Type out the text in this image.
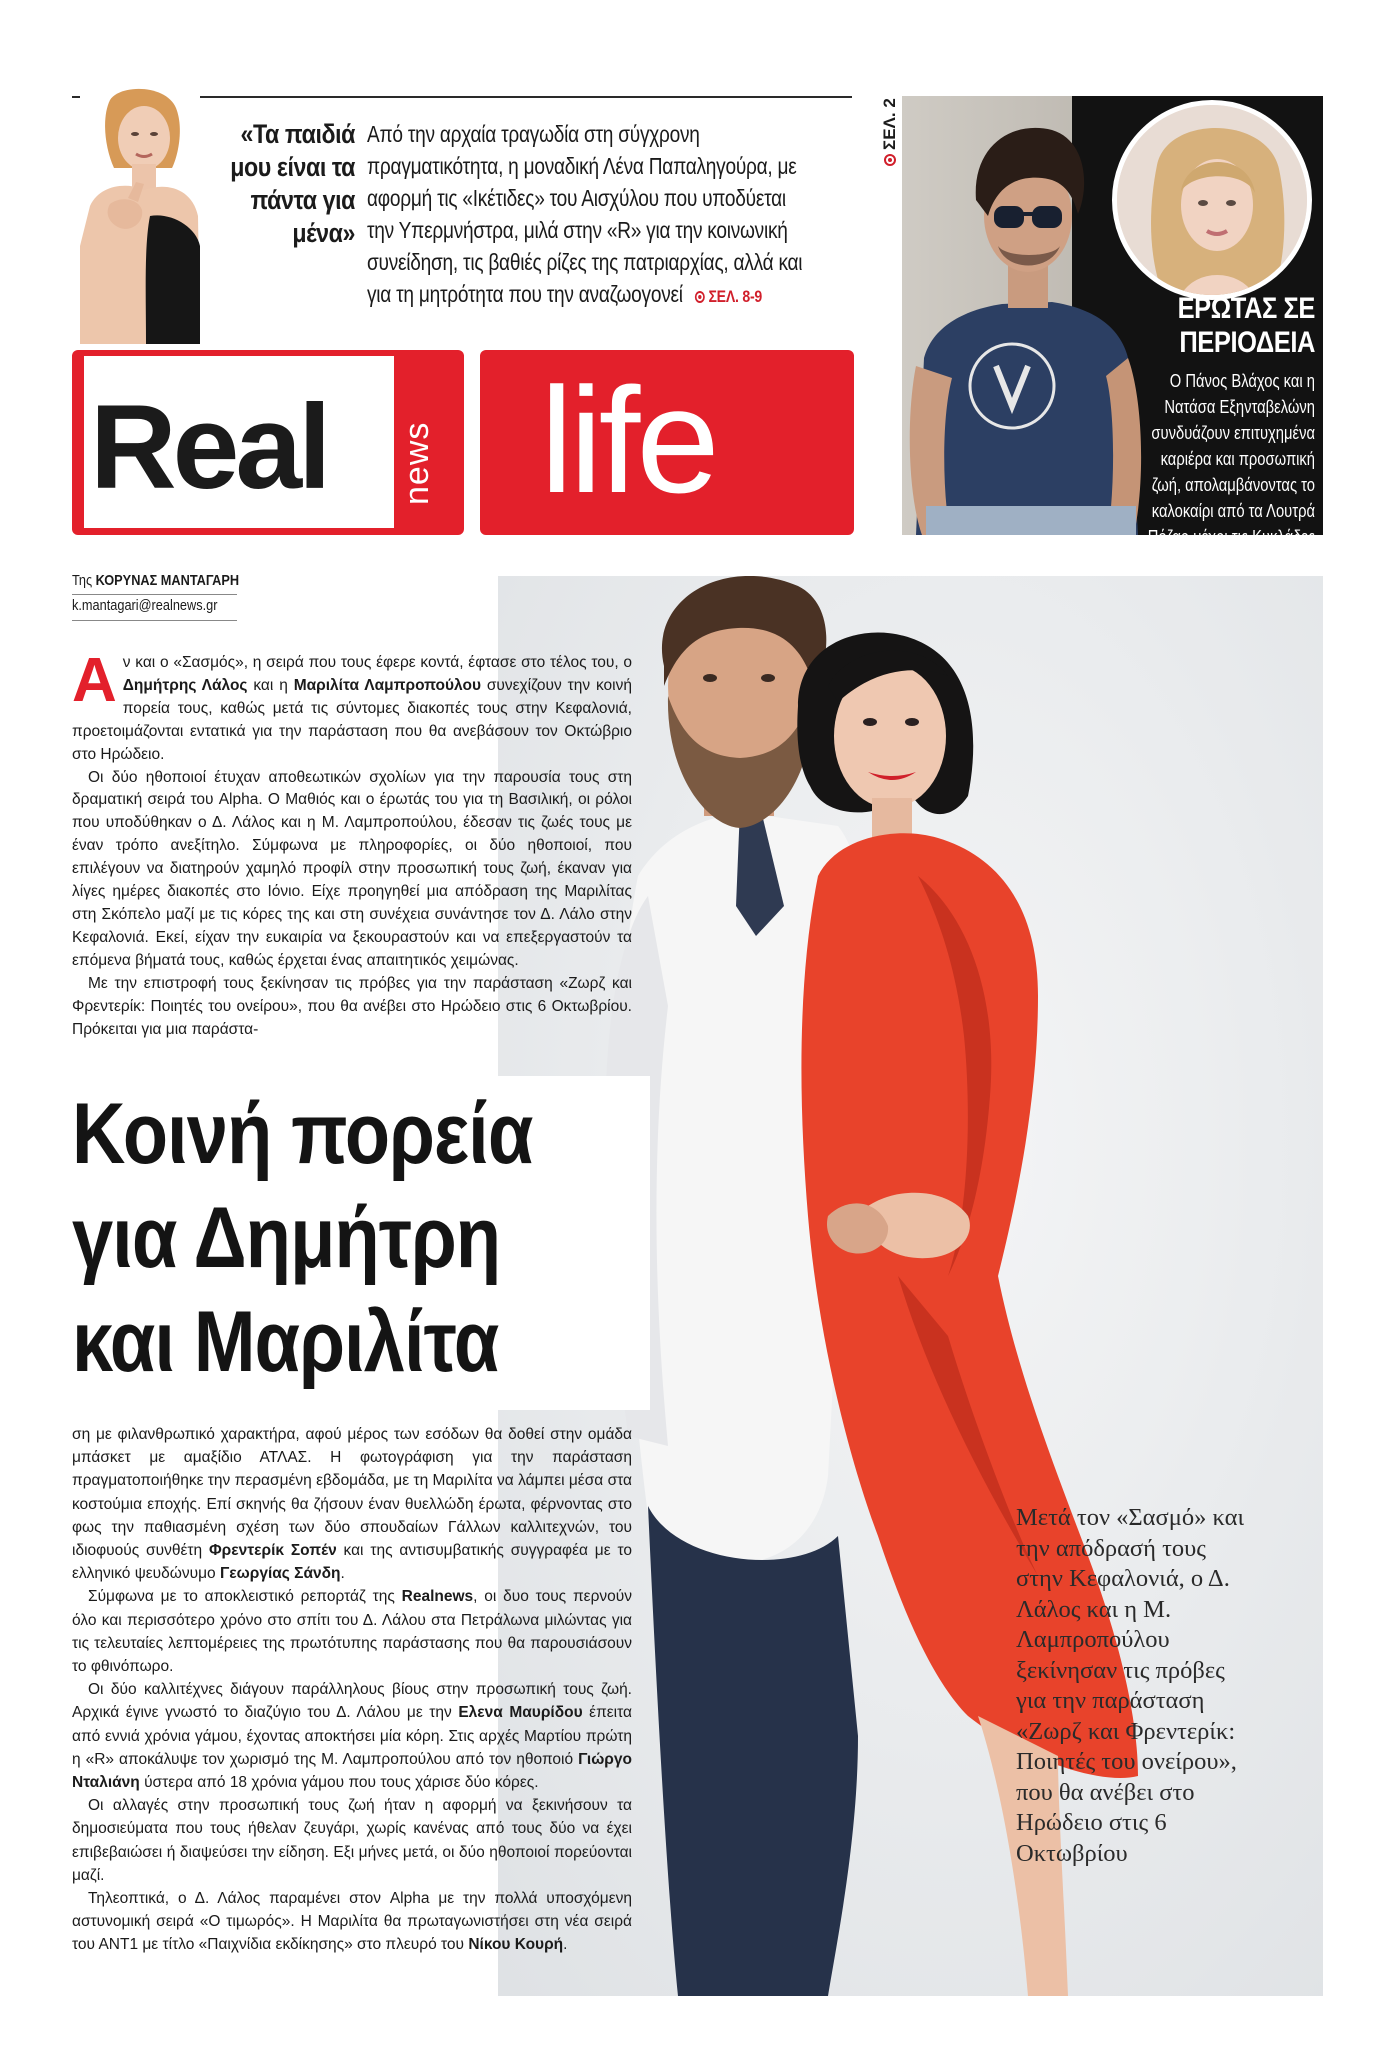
«Τα παιδιά μου είναι τα πάντα για μένα»
Από την αρχαία τραγωδία στη σύγχρονη πραγματικότητα, η μοναδική Λένα Παπαληγούρα, με αφορμή τις «Ικέτιδες» του Αισχύλου που υποδύεται την Υπερμνήστρα, μιλά στην «R» για την κοινωνική συνείδηση, τις βαθιές ρίζες της πατριαρχίας, αλλά και για τη μητρότητα που την αναζωογονεί ΣΕΛ. 8-9
Real news life
ΣΕΛ. 2
ΕΡΩΤΑΣ ΣΕ ΠΕΡΙΟΔΕΙΑ
Ο Πάνος Βλάχος και η Νατάσα Εξηνταβελώνη συνδυάζουν επιτυχημένα καριέρα και προσωπική ζωή, απολαμβάνοντας το καλοκαίρι από τα Λουτρά Πόζαρ μέχρι τις Κυκλάδες
Της ΚΟΡΥΝΑΣ ΜΑΝΤΑΓΑΡΗ
k.mantagari@realnews.gr

Αν και ο «Σασμός», η σειρά που τους έφερε κοντά, έφτασε στο τέλος του, ο Δημήτρης Λάλος και η Μαριλίτα Λαμπροπούλου συνεχίζουν την κοινή πορεία τους, καθώς μετά τις σύντομες διακοπές τους στην Κεφαλονιά, προετοιμάζονται εντατικά για την παράσταση που θα ανεβάσουν τον Οκτώβριο στο Ηρώδειο.

Οι δύο ηθοποιοί έτυχαν αποθεωτικών σχολίων για την παρουσία τους στη δραματική σειρά του Alpha. Ο Μαθιός και ο έρωτάς του για τη Βασιλική, οι ρόλοι που υποδύθηκαν ο Δ. Λάλος και η Μ. Λαμπροπούλου, έδεσαν τις ζωές τους με έναν τρόπο ανεξίτηλο. Σύμφωνα με πληροφορίες, οι δύο ηθοποιοί, που επιλέγουν να διατηρούν χαμηλό προφίλ στην προσωπική τους ζωή, έκαναν για λίγες ημέρες διακοπές στο Ιόνιο. Είχε προηγηθεί μια απόδραση της Μαριλίτας στη Σκόπελο μαζί με τις κόρες της και στη συνέχεια συνάντησε τον Δ. Λάλο στην Κεφαλονιά. Εκεί, είχαν την ευκαιρία να ξεκουραστούν και να επεξεργαστούν τα επόμενα βήματά τους, καθώς έρχεται ένας απαιτητικός χειμώνας.

Με την επιστροφή τους ξεκίνησαν τις πρόβες για την παράσταση «Ζωρζ και Φρεντερίκ: Ποιητές του ονείρου», που θα ανέβει στο Ηρώδειο στις 6 Οκτωβρίου. Πρόκειται για μια παράστα-

Κοινή πορεία για Δημήτρη και Μαριλίτα

ση με φιλανθρωπικό χαρακτήρα, αφού μέρος των εσόδων θα δοθεί στην ομάδα μπάσκετ με αμαξίδιο ΑΤΛΑΣ. Η φωτογράφιση για την παράσταση πραγματοποιήθηκε την περασμένη εβδομάδα, με τη Μαριλίτα να λάμπει μέσα στα κοστούμια εποχής. Επί σκηνής θα ζήσουν έναν θυελλώδη έρωτα, φέρνοντας στο φως την παθιασμένη σχέση των δύο σπουδαίων Γάλλων καλλιτεχνών, του ιδιοφυούς συνθέτη Φρεντερίκ Σοπέν και της αντισυμβατικής συγγραφέα με το ελληνικό ψευδώνυμο Γεωργίας Σάνδη.

Σύμφωνα με το αποκλειστικό ρεπορτάζ της Realnews, οι δυο τους περνούν όλο και περισσότερο χρόνο στο σπίτι του Δ. Λάλου στα Πετράλωνα μιλώντας για τις τελευταίες λεπτομέρειες της πρωτότυπης παράστασης που θα παρουσιάσουν το φθινόπωρο.

Οι δύο καλλιτέχνες διάγουν παράλληλους βίους στην προσωπική τους ζωή. Αρχικά έγινε γνωστό το διαζύγιο του Δ. Λάλου με την Ελενα Μαυρίδου έπειτα από εννιά χρόνια γάμου, έχοντας αποκτήσει μία κόρη. Στις αρχές Μαρτίου πρώτη η «R» αποκάλυψε τον χωρισμό της Μ. Λαμπροπούλου από τον ηθοποιό Γιώργο Νταλιάνη ύστερα από 18 χρόνια γάμου που τους χάρισε δύο κόρες.

Οι αλλαγές στην προσωπική τους ζωή ήταν η αφορμή να ξεκινήσουν τα δημοσιεύματα που τους ήθελαν ζευγάρι, χωρίς κανένας από τους δύο να έχει επιβεβαιώσει ή διαψεύσει την είδηση. Εξι μήνες μετά, οι δύο ηθοποιοί πορεύονται μαζί.

Τηλεοπτικά, ο Δ. Λάλος παραμένει στον Alpha με την πολλά υποσχόμενη αστυνομική σειρά «Ο τιμωρός». Η Μαριλίτα θα πρωταγωνιστήσει στη νέα σειρά του ΑΝΤ1 με τίτλο «Παιχνίδια εκδίκησης» στο πλευρό του Νίκου Κουρή.

Μετά τον «Σασμό» και την απόδρασή τους στην Κεφαλονιά, ο Δ. Λάλος και η Μ. Λαμπροπούλου ξεκίνησαν τις πρόβες για την παράσταση «Ζωρζ και Φρεντερίκ: Ποιητές του ονείρου», που θα ανέβει στο Ηρώδειο στις 6 Οκτωβρίου
